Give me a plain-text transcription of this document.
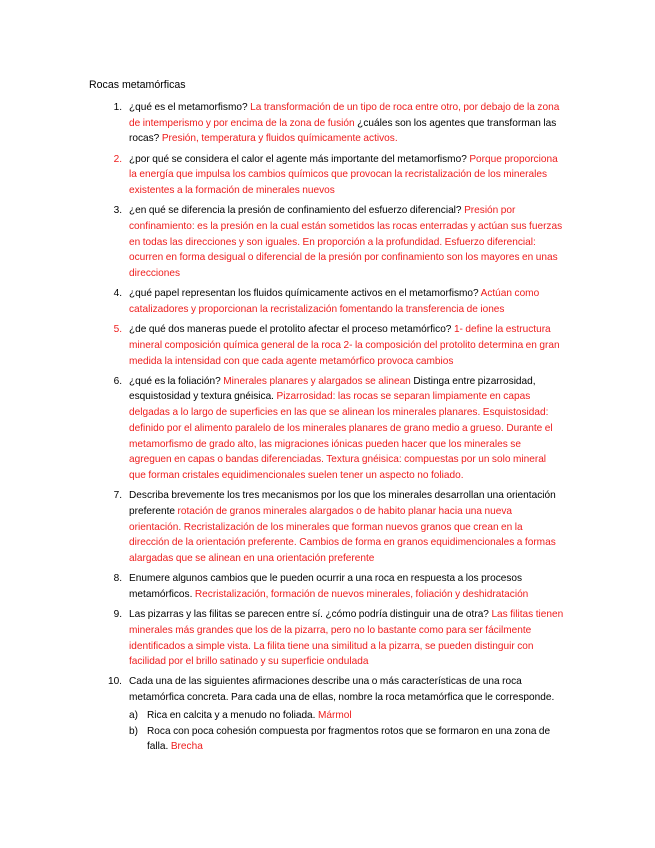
Rocas metamórficas
1. ¿qué es el metamorfismo? La transformación de un tipo de roca entre otro, por debajo de la zona de intemperismo y por encima de la zona de fusión ¿cuáles son los agentes que transforman las rocas? Presión, temperatura y fluidos químicamente activos.
2. ¿por qué se considera el calor el agente más importante del metamorfismo? Porque proporciona la energía que impulsa los cambios químicos que provocan la recristalización de los minerales existentes a la formación de minerales nuevos
3. ¿en qué se diferencia la presión de confinamiento del esfuerzo diferencial? Presión por confinamiento: es la presión en la cual están sometidos las rocas enterradas y actúan sus fuerzas en todas las direcciones y son iguales. En proporción a la profundidad. Esfuerzo diferencial: ocurren en forma desigual o diferencial de la presión por confinamiento son los mayores en unas direcciones
4. ¿qué papel representan los fluidos químicamente activos en el metamorfismo? Actúan como catalizadores y proporcionan la recristalización fomentando la transferencia de iones
5. ¿de qué dos maneras puede el protolito afectar el proceso metamórfico? 1- define la estructura mineral composición química general de la roca 2- la composición del protolito determina en gran medida la intensidad con que cada agente metamórfico provoca cambios
6. ¿qué es la foliación? Minerales planares y alargados se alinean Distinga entre pizarrosidad, esquistosidad y textura gnéisica. Pizarrosidad: las rocas se separan limpiamente en capas delgadas a lo largo de superficies en las que se alinean los minerales planares. Esquistosidad: definido por el alimento paralelo de los minerales planares de grano medio a grueso. Durante el metamorfismo de grado alto, las migraciones iónicas pueden hacer que los minerales se agreguen en capas o bandas diferenciadas. Textura gnéisica: compuestas por un solo mineral que forman cristales equidimencionales suelen tener un aspecto no foliado.
7. Describa brevemente los tres mecanismos por los que los minerales desarrollan una orientación preferente rotación de granos minerales alargados o de habito planar hacia una nueva orientación. Recristalización de los minerales que forman nuevos granos que crean en la dirección de la orientación preferente. Cambios de forma en granos equidimencionales a formas alargadas que se alinean en una orientación preferente
8. Enumere algunos cambios que le pueden ocurrir a una roca en respuesta a los procesos metamórficos. Recristalización, formación de nuevos minerales, foliación y deshidratación
9. Las pizarras y las filitas se parecen entre sí. ¿cómo podría distinguir una de otra? Las filitas tienen minerales más grandes que los de la pizarra, pero no lo bastante como para ser fácilmente identificados a simple vista. La filita tiene una similitud a la pizarra, se pueden distinguir con facilidad por el brillo satinado y su superficie ondulada
10. Cada una de las siguientes afirmaciones describe una o más características de una roca metamórfica concreta. Para cada una de ellas, nombre la roca metamórfica que le corresponde.
a) Rica en calcita y a menudo no foliada. Mármol
b) Roca con poca cohesión compuesta por fragmentos rotos que se formaron en una zona de falla. Brecha
